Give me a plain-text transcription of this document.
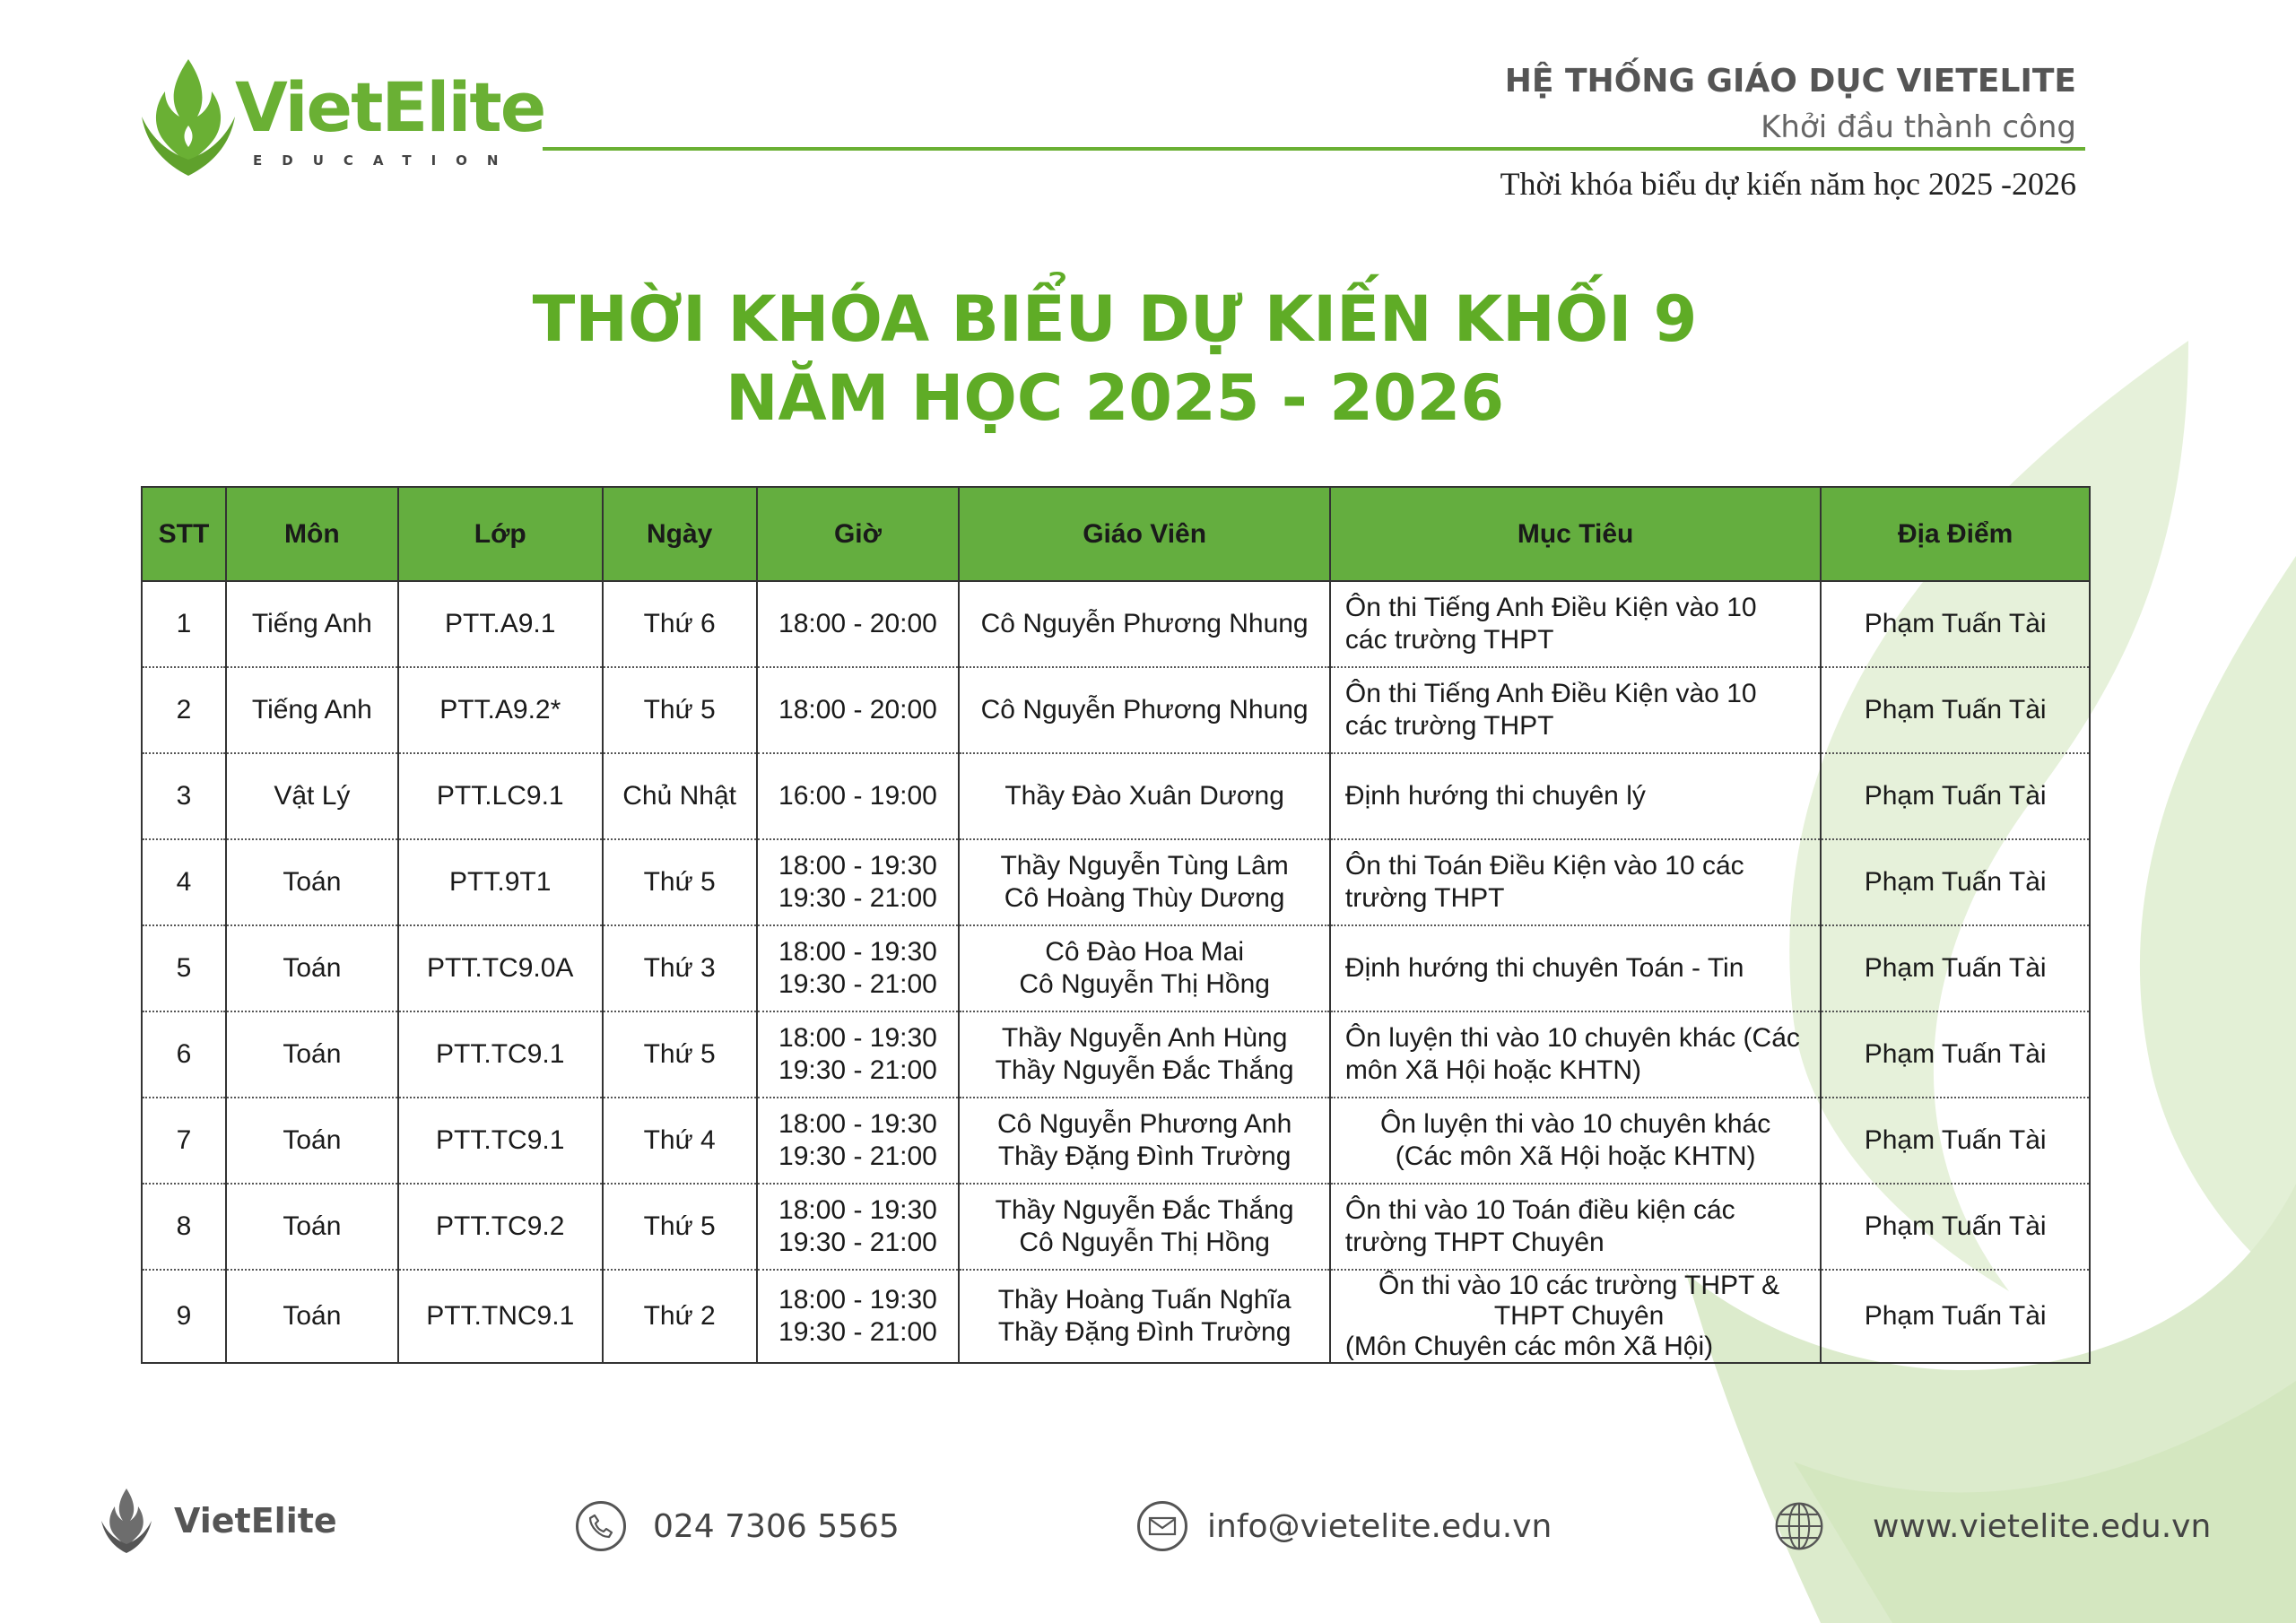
VietElite
EDUCATION
HỆ THỐNG GIÁO DỤC VIETELITE
Khởi đầu thành công
Thời khóa biểu dự kiến năm học 2025 -2026
THỜI KHÓA BIỂU DỰ KIẾN KHỐI 9
NĂM HỌC 2025 - 2026
STT	Môn	Lớp	Ngày	Giờ	Giáo Viên	Mục Tiêu	Địa Điểm
1	Tiếng Anh	PTT.A9.1	Thứ 6	18:00 - 20:00	Cô Nguyễn Phương Nhung	Ôn thi Tiếng Anh Điều Kiện vào 10
các trường THPT	Phạm Tuấn Tài
2	Tiếng Anh	PTT.A9.2*	Thứ 5	18:00 - 20:00	Cô Nguyễn Phương Nhung	Ôn thi Tiếng Anh Điều Kiện vào 10
các trường THPT	Phạm Tuấn Tài
3	Vật Lý	PTT.LC9.1	Chủ Nhật	16:00 - 19:00	Thầy Đào Xuân Dương	Định hướng thi chuyên lý	Phạm Tuấn Tài
4	Toán	PTT.9T1	Thứ 5	18:00 - 19:30
19:30 - 21:00	Thầy Nguyễn Tùng Lâm
Cô Hoàng Thùy Dương	Ôn thi Toán Điều Kiện vào 10 các
trường THPT	Phạm Tuấn Tài
5	Toán	PTT.TC9.0A	Thứ 3	18:00 - 19:30
19:30 - 21:00	Cô Đào Hoa Mai
Cô Nguyễn Thị Hồng	Định hướng thi chuyên Toán - Tin	Phạm Tuấn Tài
6	Toán	PTT.TC9.1	Thứ 5	18:00 - 19:30
19:30 - 21:00	Thầy Nguyễn Anh Hùng
Thầy Nguyễn Đắc Thắng	Ôn luyện thi vào 10 chuyên khác (Các
môn Xã Hội hoặc KHTN)	Phạm Tuấn Tài
7	Toán	PTT.TC9.1	Thứ 4	18:00 - 19:30
19:30 - 21:00	Cô Nguyễn Phương Anh
Thầy Đặng Đình Trường	Ôn luyện thi vào 10 chuyên khác
(Các môn Xã Hội hoặc KHTN)	Phạm Tuấn Tài
8	Toán	PTT.TC9.2	Thứ 5	18:00 - 19:30
19:30 - 21:00	Thầy Nguyễn Đắc Thắng
Cô Nguyễn Thị Hồng	Ôn thi vào 10 Toán điều kiện các
trường THPT Chuyên	Phạm Tuấn Tài
9	Toán	PTT.TNC9.1	Thứ 2	18:00 - 19:30
19:30 - 21:00	Thầy Hoàng Tuấn Nghĩa
Thầy Đặng Đình Trường	Ôn thi vào 10 các trường THPT &
THPT Chuyên
(Môn Chuyên các môn Xã Hội)	Phạm Tuấn Tài
VietElite	024 7306 5565	info@vietelite.edu.vn	www.vietelite.edu.vn
